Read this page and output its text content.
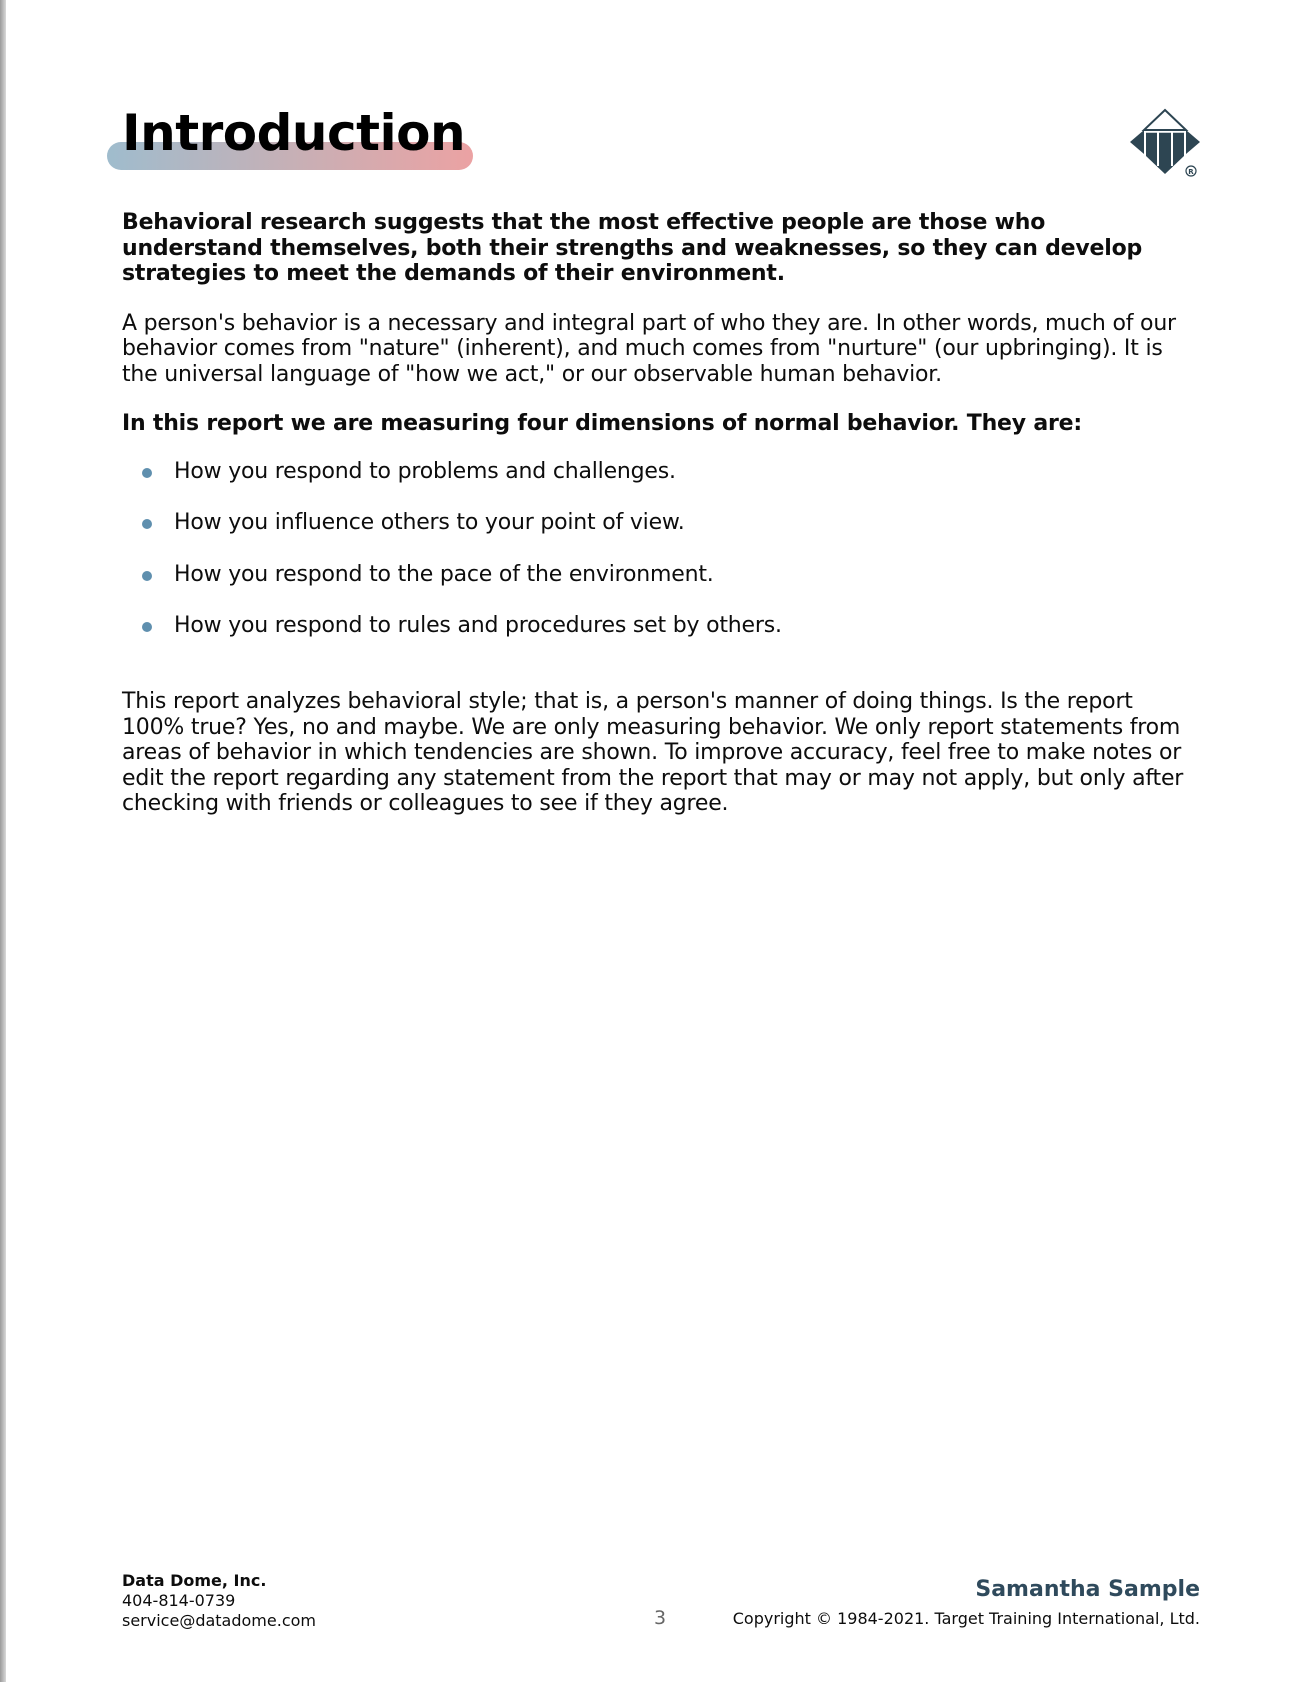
Introduction
R

Behavioral research suggests that the most effective people are those who understand themselves, both their strengths and weaknesses, so they can develop strategies to meet the demands of their environment.

A person's behavior is a necessary and integral part of who they are. In other words, much of our behavior comes from "nature" (inherent), and much comes from "nurture" (our upbringing). It is the universal language of "how we act," or our observable human behavior.

In this report we are measuring four dimensions of normal behavior. They are:

How you respond to problems and challenges.
How you influence others to your point of view.
How you respond to the pace of the environment.
How you respond to rules and procedures set by others.

This report analyzes behavioral style; that is, a person's manner of doing things. Is the report 100% true? Yes, no and maybe. We are only measuring behavior. We only report statements from areas of behavior in which tendencies are shown. To improve accuracy, feel free to make notes or edit the report regarding any statement from the report that may or may not apply, but only after checking with friends or colleagues to see if they agree.

Data Dome, Inc.
404-814-0739
service@datadome.com	3
Samantha Sample
Copyright © 1984-2021. Target Training International, Ltd.
